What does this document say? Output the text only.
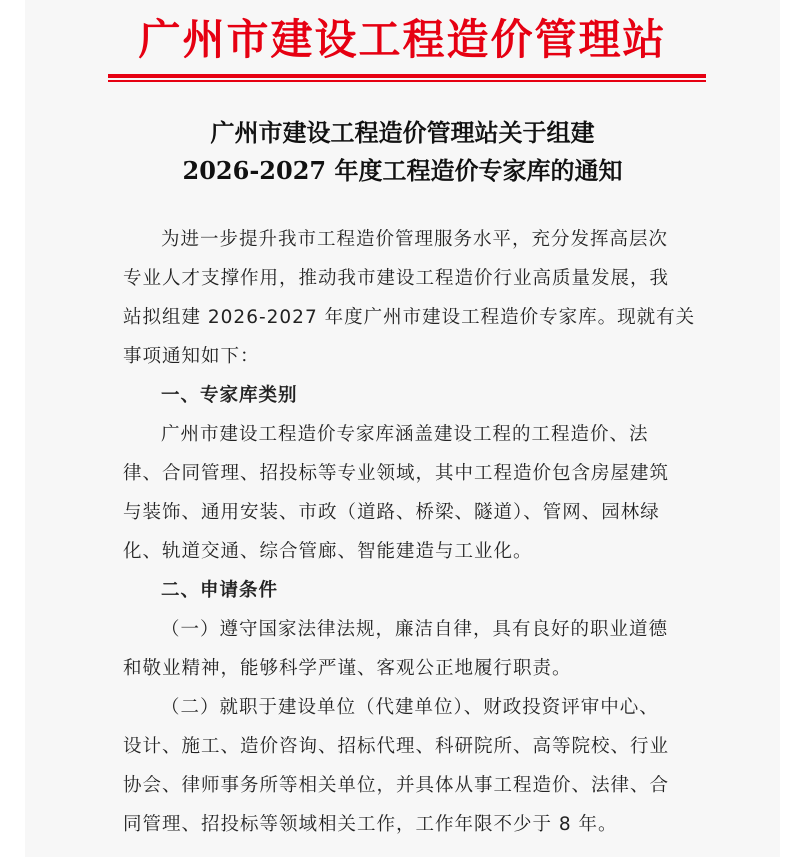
广州市建设工程造价管理站
广州市建设工程造价管理站关于组建
2026-2027 年度工程造价专家库的通知
为进一步提升我市工程造价管理服务水平，充分发挥高层次
专业人才支撑作用，推动我市建设工程造价行业高质量发展，我
站拟组建 2026-2027 年度广州市建设工程造价专家库。现就有关
事项通知如下：
一、专家库类别
广州市建设工程造价专家库涵盖建设工程的工程造价、法
律、合同管理、招投标等专业领域，其中工程造价包含房屋建筑
与装饰、通用安装、市政（道路、桥梁、隧道）、管网、园林绿
化、轨道交通、综合管廊、智能建造与工业化。
二、申请条件
（一）遵守国家法律法规，廉洁自律，具有良好的职业道德
和敬业精神，能够科学严谨、客观公正地履行职责。
（二）就职于建设单位（代建单位）、财政投资评审中心、
设计、施工、造价咨询、招标代理、科研院所、高等院校、行业
协会、律师事务所等相关单位，并具体从事工程造价、法律、合
同管理、招投标等领域相关工作，工作年限不少于 8 年。
